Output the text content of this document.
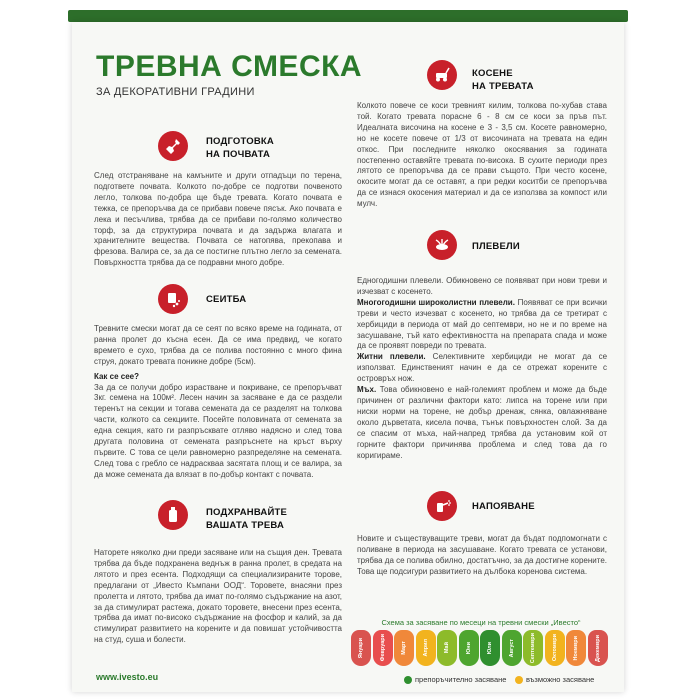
ТРЕВНА СМЕСКА
ЗА ДЕКОРАТИВНИ ГРАДИНИ
ПОДГОТОВКА
НА ПОЧВАТА

След отстраняване на камъните и други отпадъци по терена, подгответе почвата. Колкото по-добре се подготви почвеното легло, толкова по-добра ще бъде тревата. Когато почвата е тежка, се препоръчва да се прибави повече пясък. Ако почвата е лека и песъчлива, трябва да се прибави по-голямо количество торф, за да структурира почвата и да задържа влагата и хранителните вещества. Почвата се натопява, прекопава и фрезова. Валира се, за да се постигне плътно легло за семената. Повърхността трябва да се подравни много добре.

СЕИТБА

Тревните смески могат да се сеят по всяко време на годината, от ранна пролет до късна есен. Да се има предвид, че когато времето е сухо, трябва да се полива постоянно с много фина струя, докато тревата поникне добре (5см).

Как се сее?

За да се получи добро израстване и покриване, се препоръчват 3кг. семена на 100м². Лесен начин за засяване е да се раздели теренът на секции и тогава семената да се разделят на толкова части, колкото са секциите. Посейте половината от семената за една секция, като ги разпръсквате отляво надясно и след това другата половина от семената разпръснете на кръст върху първите. С това се цели равномерно разпределяне на семената. След това с гребло се надраскваа засятата площ и се валира, за да може семената да влязат в по-добър контакт с почвата.

ПОДХРАНВАЙТЕ
ВАШАТА ТРЕВА

Наторете няколко дни преди засяване или на същия ден. Тревата трябва да бъде подхранена веднъж в ранна пролет, в средата на лятото и през есента. Подходящи са специализираните торове, предлагани от „Ивесто Къмпани ООД“. Торовете, внасяни през пролетта и лятото, трябва да имат по-голямо съдържание на азот, за да стимулират растежа, докато торовете, внесени през есента, трябва да имат по-високо съдържание на фосфор и калий, за да стимулират развитието на корените и да повишат устойчивостта на студ, суша и болести.

КОСЕНЕ
НА ТРЕВАТА

Колкото повече се коси тревният килим, толкова по-хубав става той. Когато тревата порасне 6 - 8 см се коси за пръв път. Идеалната височина на косене е 3 - 3,5 см. Косете равномерно, но не косете повече от 1/3 от височината на тревата на един откос. При последните няколко окосявания за годината постепенно оставяйте тревата по-висока. В сухите периоди през лятото се препоръчва да се прави същото. При често косене, окосите могат да се оставят, а при редки коситби се препоръчва да се изнася окосения материал и да се използва за компост или мулч.

ПЛЕВЕЛИ

Едногодишни плевели. Обикновено се появяват при нови треви и изчезват с косенето.

Многогодишни широколистни плевели. Появяват се при всички треви и често изчезват с косенето, но трябва да се третират с хербициди в периода от май до септември, но не и по време на засушаване, тъй като ефективността на препарата спада и може да се проявят повреди по тревата.

Житни плевели. Селективните хербициди не могат да се използват. Единственият начин е да се отрежат корените с островръх нож.

Мъх. Това обикновено е най-големият проблем и може да бъде причинен от различни фактори като: липса на торене или при ниски норми на торене, не добър дренаж, сянка, овлажняване около дърветата, кисела почва, тънък повърхностен слой. За да се спасим от мъха, най-напред трябва да установим кой от горните фактори причинява проблема и след това да го коригираме.

НАПОЯВАНЕ

Новите и съществуващите треви, могат да бъдат подпомогнати с поливане в периода на засушаване. Когато тревата се установи, трябва да се полива обилно, достатъчно, за да достигне корените. Това ще подсигури развитието на дълбока коренова система.

Схема за засяване по месеци на тревни смески „Ивесто“
Януари	Февруари	Март	Април	Май	Юни	Юли	Август	Септември	Октомври	Ноември	Декември
препоръчително засяване	възможно засяване
www.ivesto.eu
